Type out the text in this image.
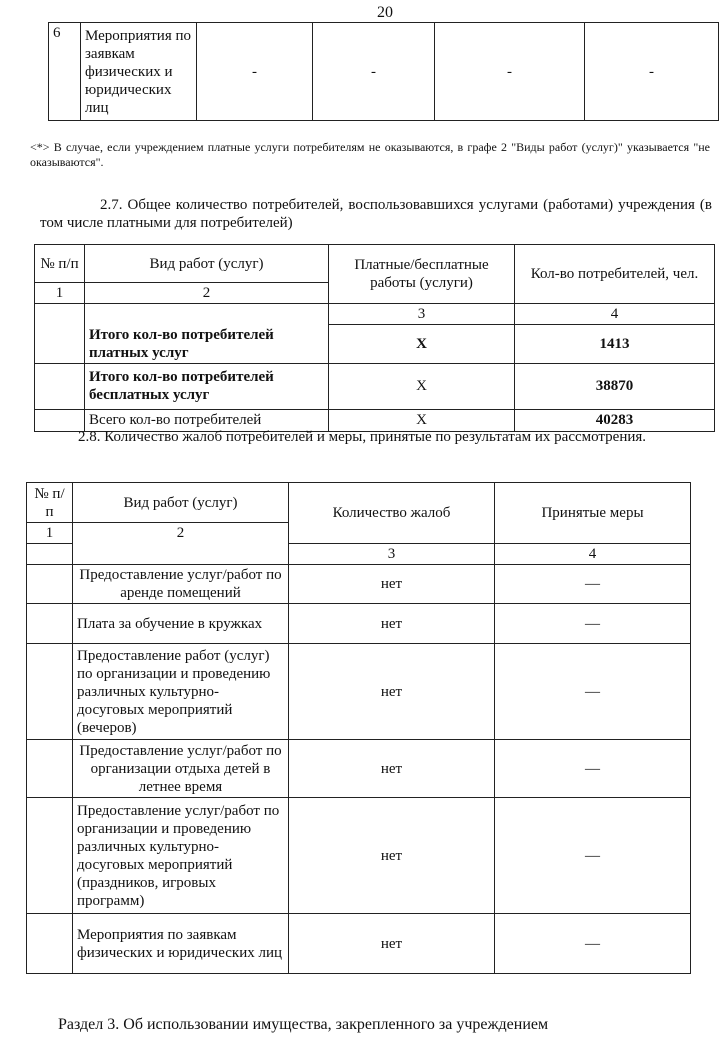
20
6	Мероприятия по заявкам физических и юридических лиц	-	-	-	-
<*> В случае, если учреждением платные услуги потребителям не оказываются, в графе 2 "Виды работ (услуг)" указывается "не оказываются".
2.7. Общее количество потребителей, воспользовавшихся услугами (работами) учреждения (в том числе платными для потребителей)
№ п/п	Вид работ (услуг)	Платные/бесплатные работы (услуги)	Кол-во потребителей, чел.
1	2		
		3	4
	Итого кол-во потребителей платных услуг	X	1413
	Итого кол-во потребителей бесплатных услуг	X	38870
	Всего кол-во потребителей	X	40283
2.8. Количество жалоб потребителей и меры, принятые по результатам их рассмотрения.
№ п/п	Вид работ (услуг)	Количество жалоб	Принятые меры
1	2		
		3	4
	Предоставление услуг/работ по аренде помещений	нет	—
	Плата за обучение в кружках	нет	—
	Предоставление работ (услуг) по организации и проведению различных культурно-досуговых мероприятий (вечеров)	нет	—
	Предоставление услуг/работ по организации отдыха детей в летнее время	нет	—
	Предоставление услуг/работ по организации и проведению различных культурно-досуговых мероприятий (праздников, игровых программ)	нет	—
	Мероприятия по заявкам физических и юридических лиц	нет	—
Раздел 3. Об использовании имущества, закрепленного за учреждением
